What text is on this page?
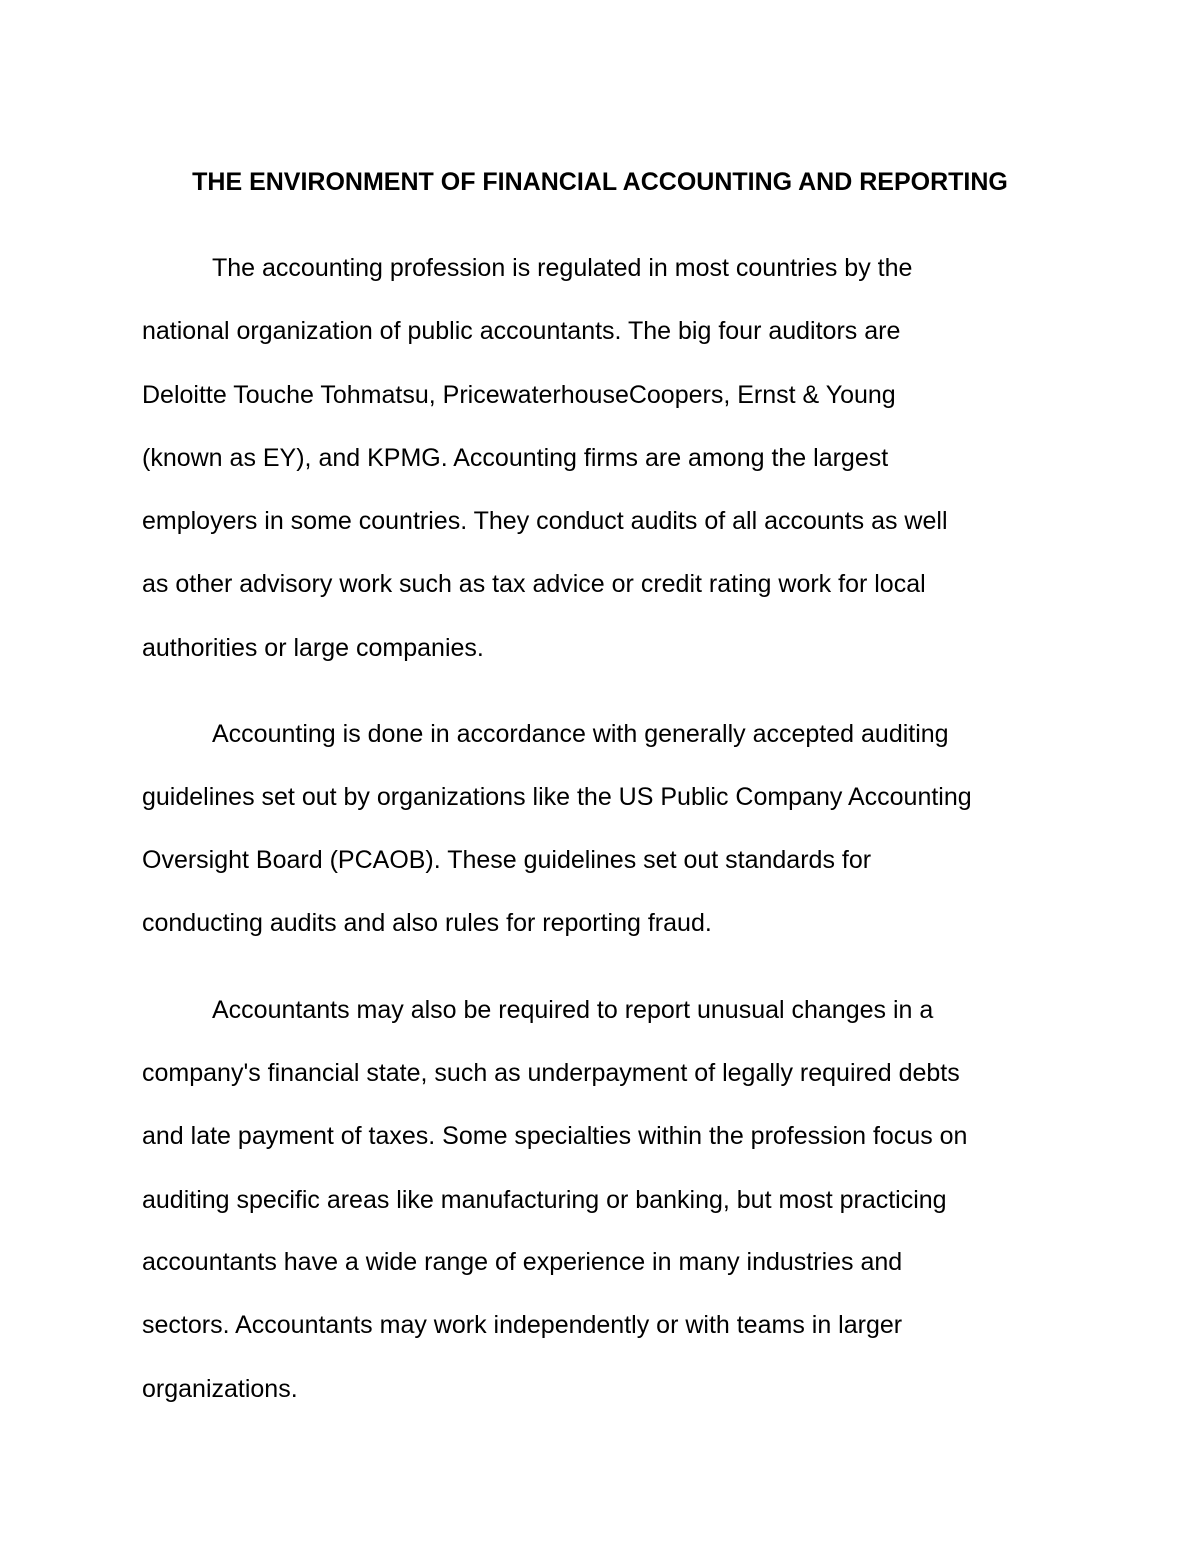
THE ENVIRONMENT OF FINANCIAL ACCOUNTING AND REPORTING
The accounting profession is regulated in most countries by the
national organization of public accountants. The big four auditors are
Deloitte Touche Tohmatsu, PricewaterhouseCoopers, Ernst & Young
(known as EY), and KPMG. Accounting firms are among the largest
employers in some countries. They conduct audits of all accounts as well
as other advisory work such as tax advice or credit rating work for local
authorities or large companies.
Accounting is done in accordance with generally accepted auditing
guidelines set out by organizations like the US Public Company Accounting
Oversight Board (PCAOB). These guidelines set out standards for
conducting audits and also rules for reporting fraud.
Accountants may also be required to report unusual changes in a
company's financial state, such as underpayment of legally required debts
and late payment of taxes. Some specialties within the profession focus on
auditing specific areas like manufacturing or banking, but most practicing
accountants have a wide range of experience in many industries and
sectors. Accountants may work independently or with teams in larger
organizations.
